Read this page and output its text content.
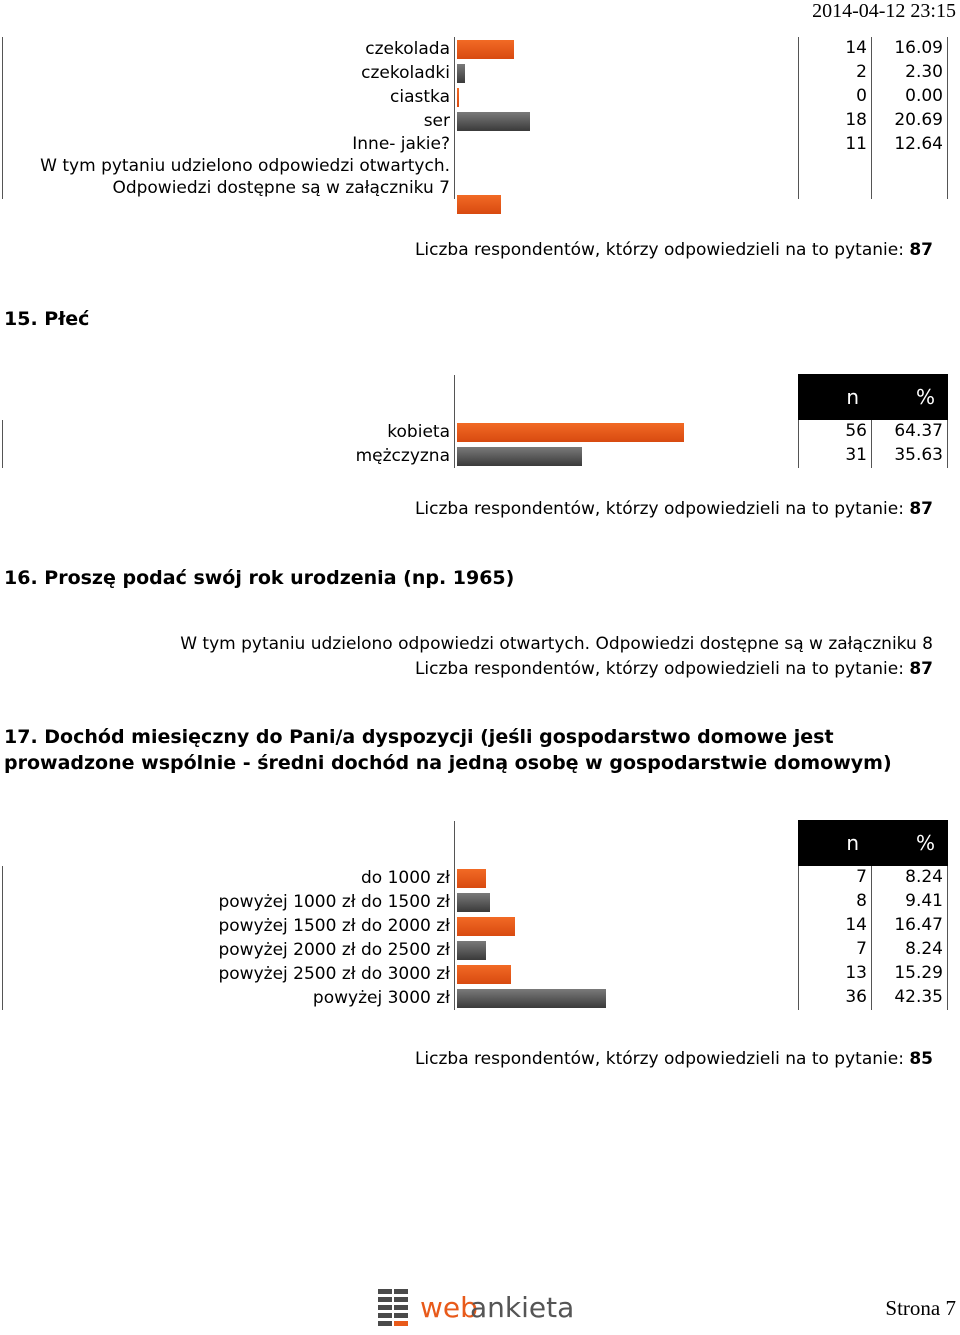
2014-04-12 23:15
czekolada		14	16.09

czekoladki		2	2.30

ciastka		0	0.00

ser		18	20.69

Inne- jakie?
W tym pytaniu udzielono odpowiedzi otwartych.
Odpowiedzi dostępne są w załączniku 7		11	12.64
Liczba respondentów, którzy odpowiedzieli na to pytanie: 87
15. Płeć
		n	%

kobieta		56	64.37

mężczyzna		31	35.63
Liczba respondentów, którzy odpowiedzieli na to pytanie: 87
16. Proszę podać swój rok urodzenia (np. 1965)
W tym pytaniu udzielono odpowiedzi otwartych. Odpowiedzi dostępne są w załączniku 8
Liczba respondentów, którzy odpowiedzieli na to pytanie: 87
17. Dochód miesięczny do Pani/a dyspozycji (jeśli gospodarstwo domowe jest
prowadzone wspólnie - średni dochód na jedną osobę w gospodarstwie domowym)
		n	%

do 1000 zł		7	8.24

powyżej 1000 zł do 1500 zł		8	9.41

powyżej 1500 zł do 2000 zł		14	16.47

powyżej 2000 zł do 2500 zł		7	8.24

powyżej 2500 zł do 3000 zł		13	15.29

powyżej 3000 zł		36	42.35
Liczba respondentów, którzy odpowiedzieli na to pytanie: 85
web
ankieta	Strona 7
